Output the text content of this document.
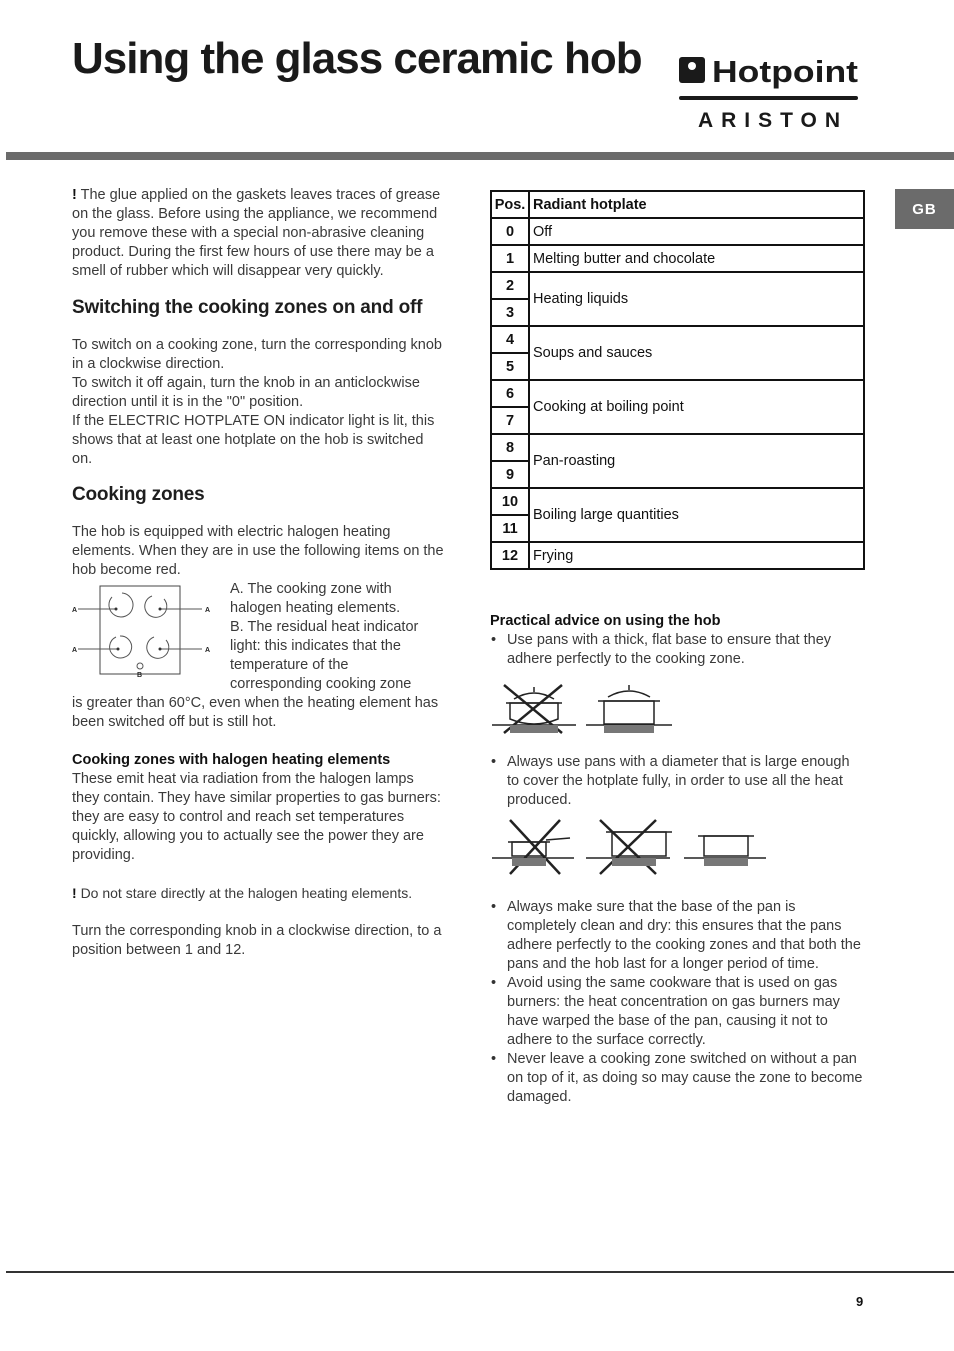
Using the glass ceramic hob Hotpoint
ARISTON
GB

! The glue applied on the gaskets leaves traces of grease on the glass. Before using the appliance, we recommend you remove these with a special non-abrasive cleaning product. During the first few hours of use there may be a smell of rubber which will disappear very quickly.

Switching the cooking zones on and off

To switch on a cooking zone, turn the corresponding knob in a clockwise direction.

To switch it off again, turn the knob in an anticlockwise direction until it is in the "0" position.

If the ELECTRIC HOTPLATE ON indicator light is lit, this shows that at least one hotplate on the hob is switched on.

Cooking zones

The hob is equipped with electric halogen heating elements. When they are in use the following items on the hob become red.

A	A
A	A
B

A. The cooking zone with halogen heating elements.

B. The residual heat indicator light: this indicates that the temperature of the corresponding cooking zone

is greater than 60°C, even when the heating element has been switched off but is still hot.

Cooking zones with halogen heating elements

These emit heat via radiation from the halogen lamps they contain. They have similar properties to gas burners: they are easy to control and reach set temperatures quickly, allowing you to actually see the power they are providing.

! Do not stare directly at the halogen heating elements.

Turn the corresponding knob in a clockwise direction, to a position between 1 and 12.

Pos.	Radiant hotplate
0	Off
1	Melting butter and chocolate
2	Heating liquids
3	
4	Soups and sauces
5	
6	Cooking at boiling point
7	
8	Pan-roasting
9	
10	Boiling large quantities
11	
12	Frying
Practical advice on using the hob
• Use pans with a thick, flat base to ensure that they adhere perfectly to the cooking zone.
• Always use pans with a diameter that is large enough to cover the hotplate fully, in order to use all the heat produced.
• Always make sure that the base of the pan is completely clean and dry: this ensures that the pans adhere perfectly to the cooking zones and that both the pans and the hob last for a longer period of time.
• Avoid using the same cookware that is used on gas burners: the heat concentration on gas burners may have warped the base of the pan, causing it not to adhere to the surface correctly.
• Never leave a cooking zone switched on without a pan on top of it, as doing so may cause the zone to become damaged.
9
